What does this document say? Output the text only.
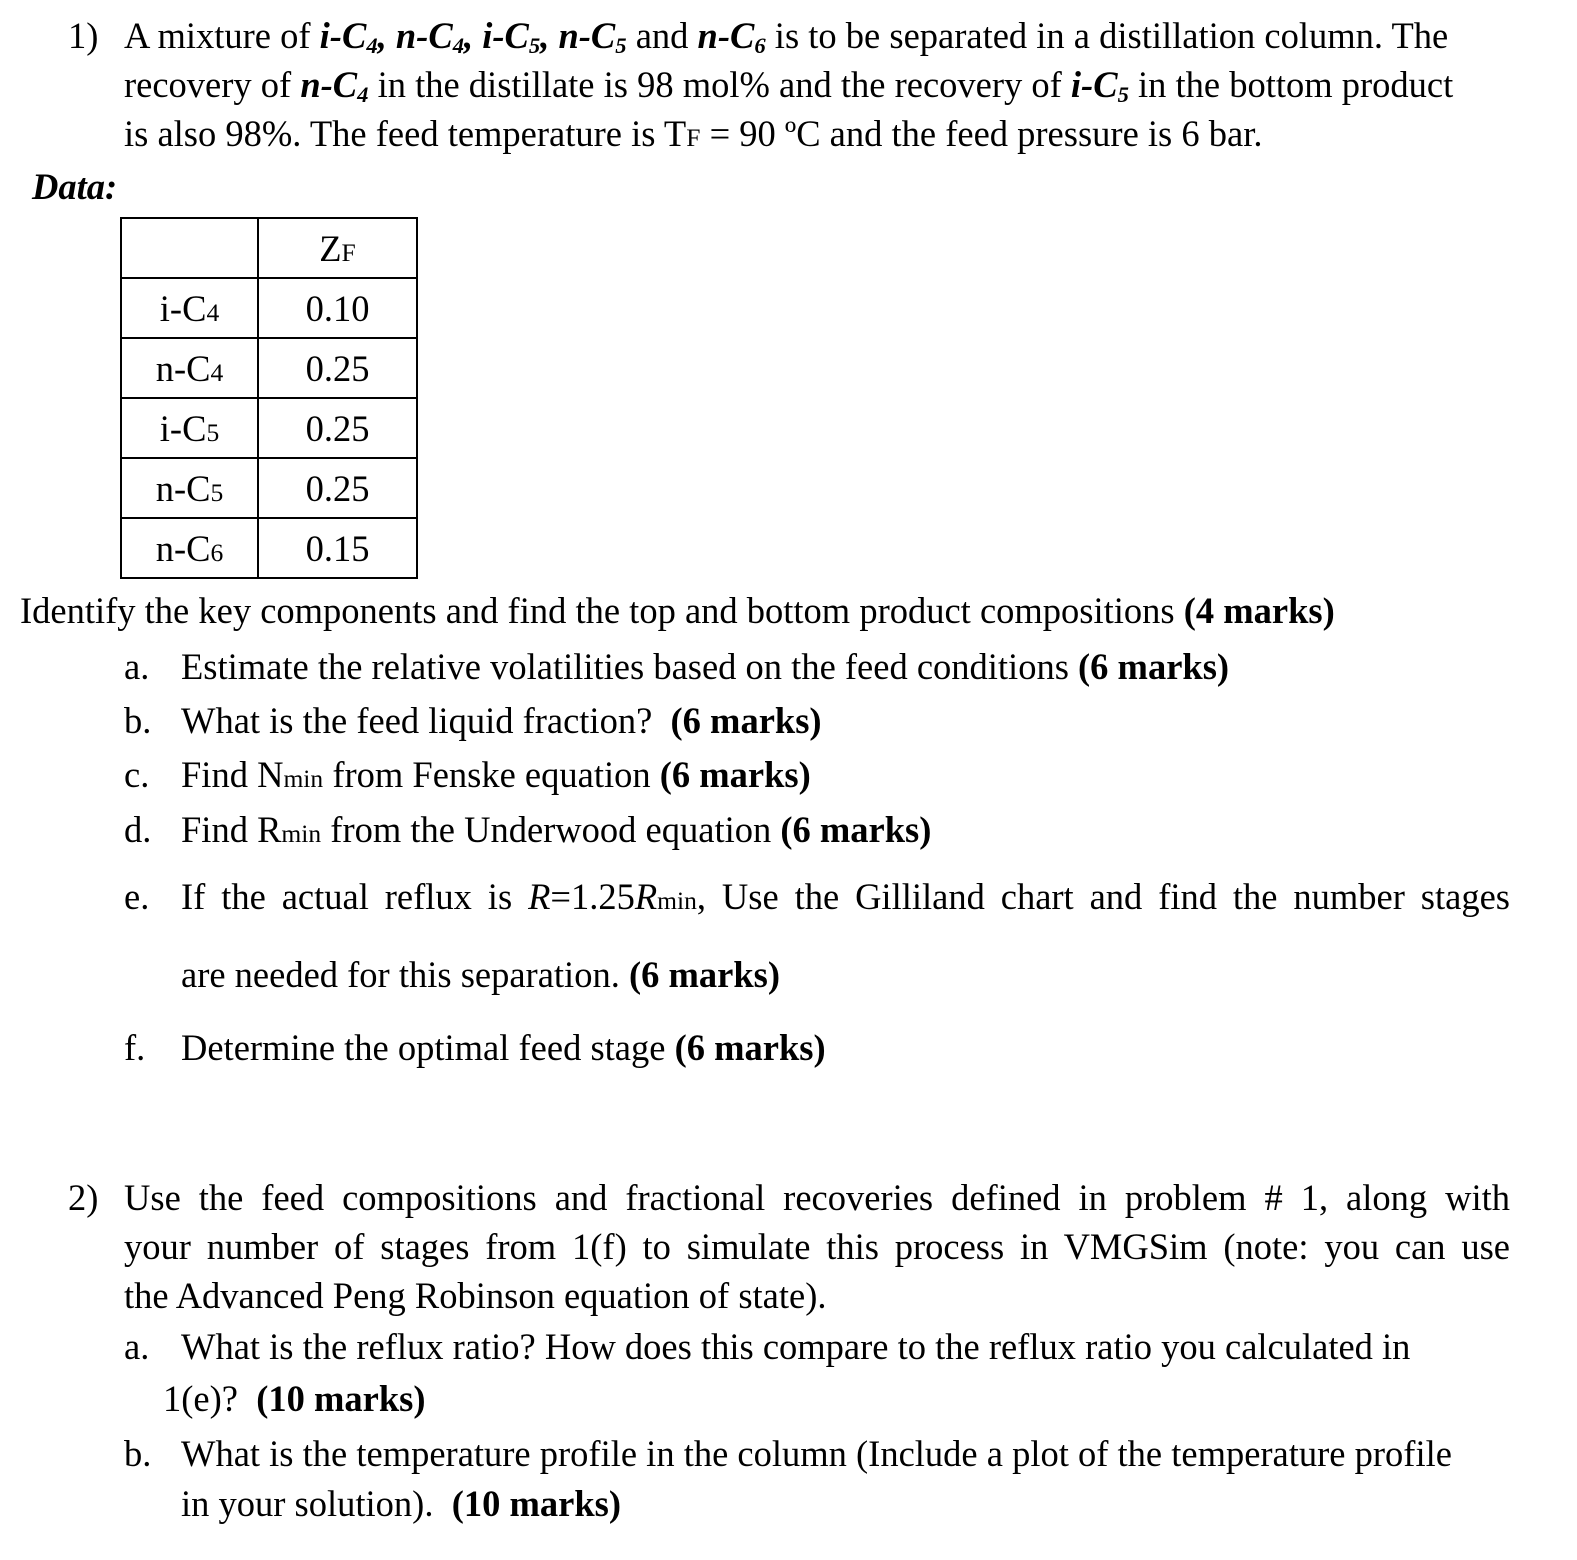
1) A mixture of $i-C_4$, $n-C_4$, $i-C_5$, $n-C_5$ and $n-C_6$ is to be separated in a distillation column. The
recovery of $n-C_4$ in the distillate is 98 mol% and the recovery of $i-C_5$ in the bottom product
is also 98%. The feed temperature is TF = 90 ºC and the feed pressure is 6 bar.
Data:
	ZF
i-C4	0.10
n-C4	0.25
i-C5	0.25
n-C5	0.25
n-C6	0.15
Identify the key components and find the top and bottom product compositions (4 marks)
a. Estimate the relative volatilities based on the feed conditions (6 marks)
b. What is the feed liquid fraction? (6 marks)
c. Find Nmin from Fenske equation (6 marks)
d. Find Rmin from the Underwood equation (6 marks)
e. If the actual reflux is R=1.25Rmin, Use the Gilliland chart and find the number stages
are needed for this separation. (6 marks)
f. Determine the optimal feed stage (6 marks)
2) Use the feed compositions and fractional recoveries defined in problem # 1, along with
your number of stages from 1(f) to simulate this process in VMGSim (note: you can use
the Advanced Peng Robinson equation of state).
a. What is the reflux ratio? How does this compare to the reflux ratio you calculated in
1(e)? (10 marks)
b. What is the temperature profile in the column (Include a plot of the temperature profile
in your solution). (10 marks)
